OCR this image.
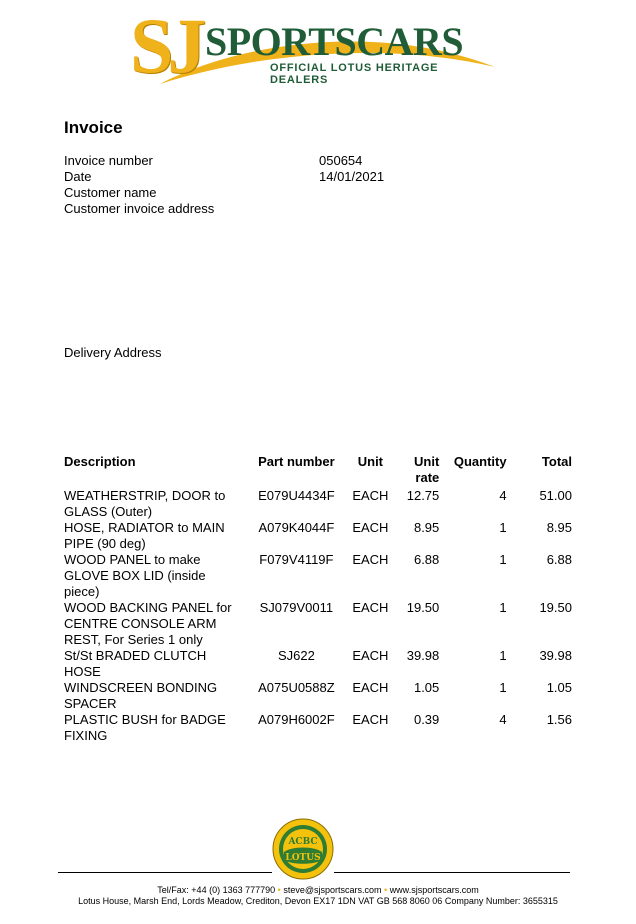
SJ SPORTSCARS
OFFICIAL LOTUS HERITAGE DEALERS
Invoice
Invoice number	050654
Date	14/01/2021
Customer name
Customer invoice address
Delivery Address
Description	Part number	Unit	Unit
rate	Quantity	Total
WEATHERSTRIP, DOOR to
GLASS (Outer)	E079U4434F	EACH	12.75	4	51.00
HOSE, RADIATOR to MAIN
PIPE (90 deg)	A079K4044F	EACH	8.95	1	8.95
WOOD PANEL to make
GLOVE BOX LID (inside
piece)	F079V4119F	EACH	6.88	1	6.88
WOOD BACKING PANEL for
CENTRE CONSOLE ARM
REST, For Series 1 only	SJ079V0011	EACH	19.50	1	19.50
St/St BRADED CLUTCH
HOSE	SJ622	EACH	39.98	1	39.98
WINDSCREEN BONDING
SPACER	A075U0588Z	EACH	1.05	1	1.05
PLASTIC BUSH for BADGE
FIXING	A079H6002F	EACH	0.39	4	1.56
ACBC
LOTUS
Tel/Fax: +44 (0) 1363 777790 • steve@sjsportscars.com • www.sjsportscars.com
Lotus House, Marsh End, Lords Meadow, Crediton, Devon EX17 1DN VAT GB 568 8060 06 Company Number: 3655315
